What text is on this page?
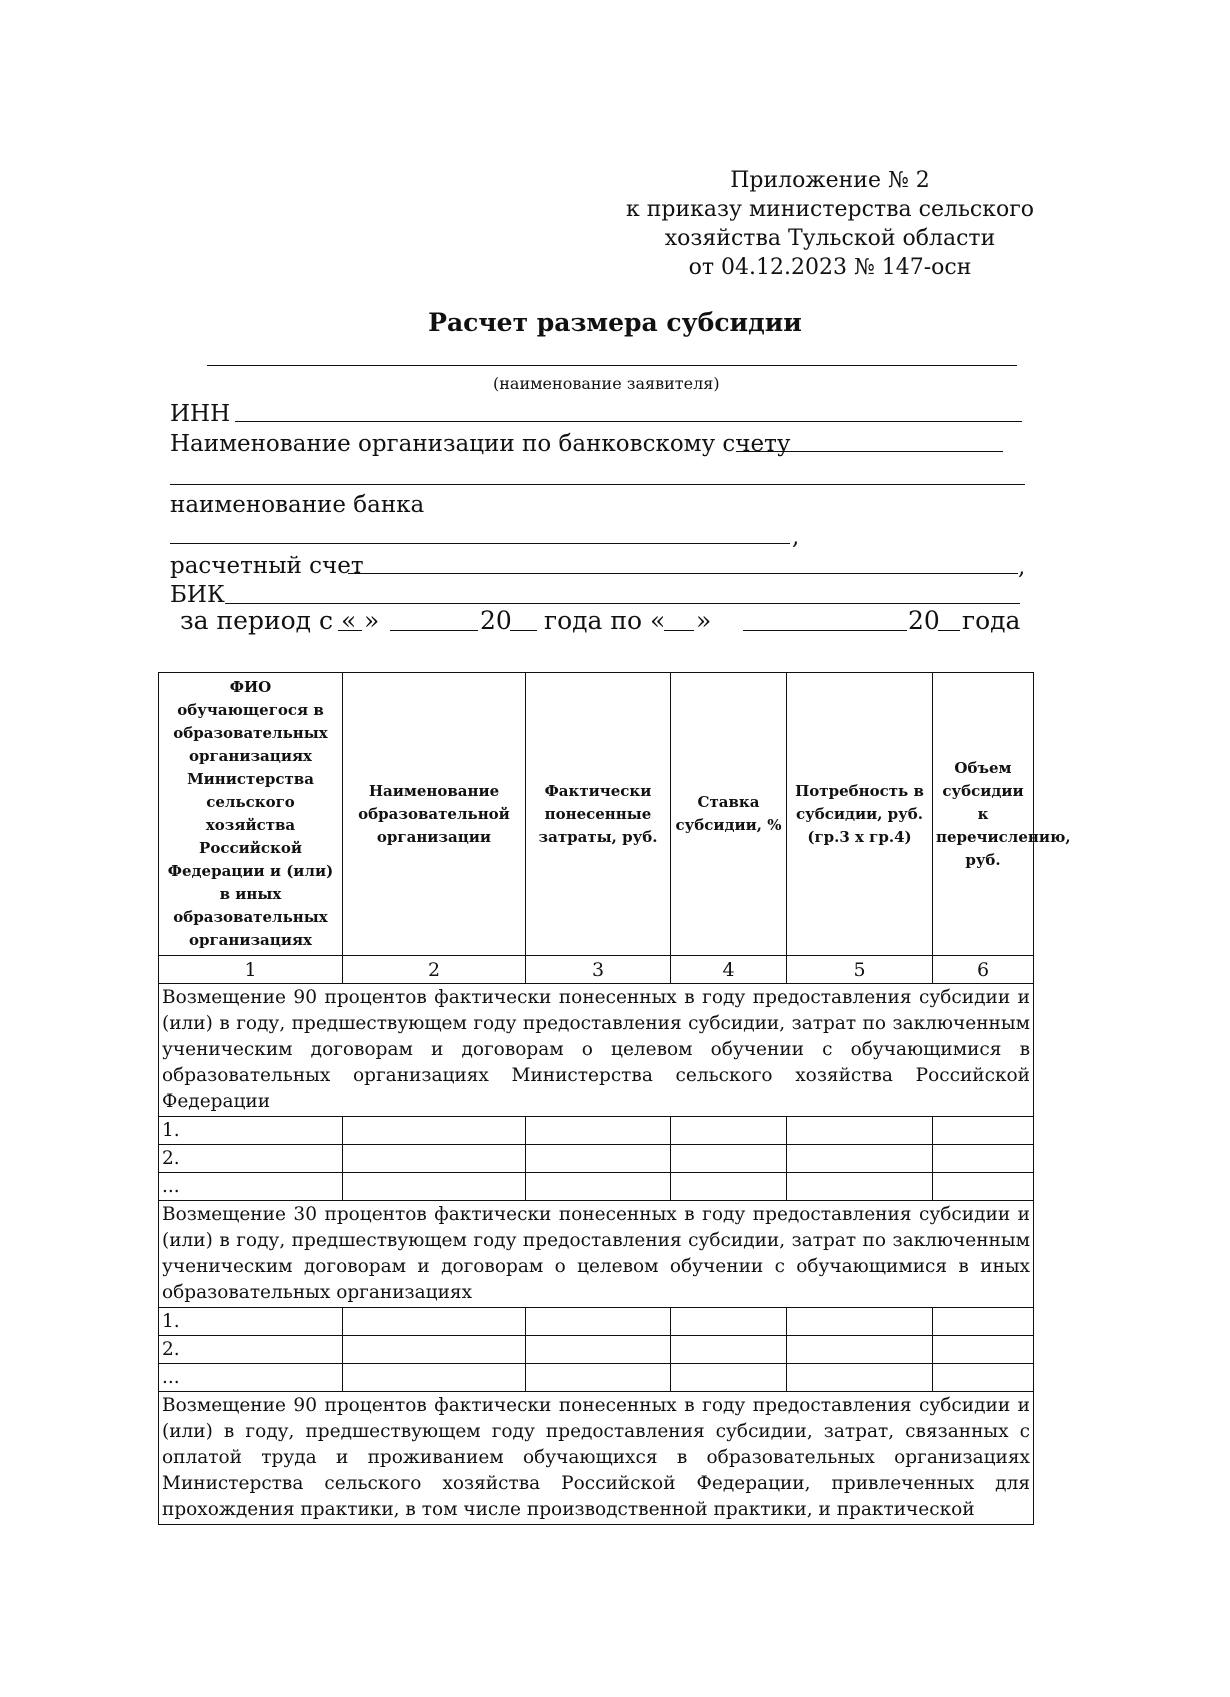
Приложение № 2
к приказу министерства сельского
хозяйства Тульской области
от 04.12.2023 № 147-осн
Расчет размера субсидии
(наименование заявителя)
ИНН
Наименование организации по банковскому счету
наименование банка
,
расчетный счет	,
БИК
за период с « »	20 года по « »	20 года
ФИО обучающегося в образовательных организациях Министерства сельского хозяйства Российской Федерации и (или) в иных образовательных организациях	Наименование образовательной организации	Фактически понесенные затраты, руб.	Ставка субсидии, %	Потребность в субсидии, руб. (гр.3 x гр.4)	Объем субсидии к перечислению, руб.
1	2	3	4	5	6
Возмещение 90 процентов фактически понесенных в году предоставления субсидии и (или) в году, предшествующем году предоставления субсидии, затрат по заключенным ученическим договорам и договорам о целевом обучении с обучающимися в образовательных организациях Министерства сельского хозяйства Российской Федерации					
1.					
2.					
...					
Возмещение 30 процентов фактически понесенных в году предоставления субсидии и (или) в году, предшествующем году предоставления субсидии, затрат по заключенным ученическим договорам и договорам о целевом обучении с обучающимися в иных образовательных организациях					
1.					
2.					
...					
Возмещение 90 процентов фактически понесенных в году предоставления субсидии и (или) в году, предшествующем году предоставления субсидии, затрат, связанных с оплатой труда и проживанием обучающихся в образовательных организациях Министерства сельского хозяйства Российской Федерации, привлеченных для прохождения практики, в том числе производственной практики, и практической					
